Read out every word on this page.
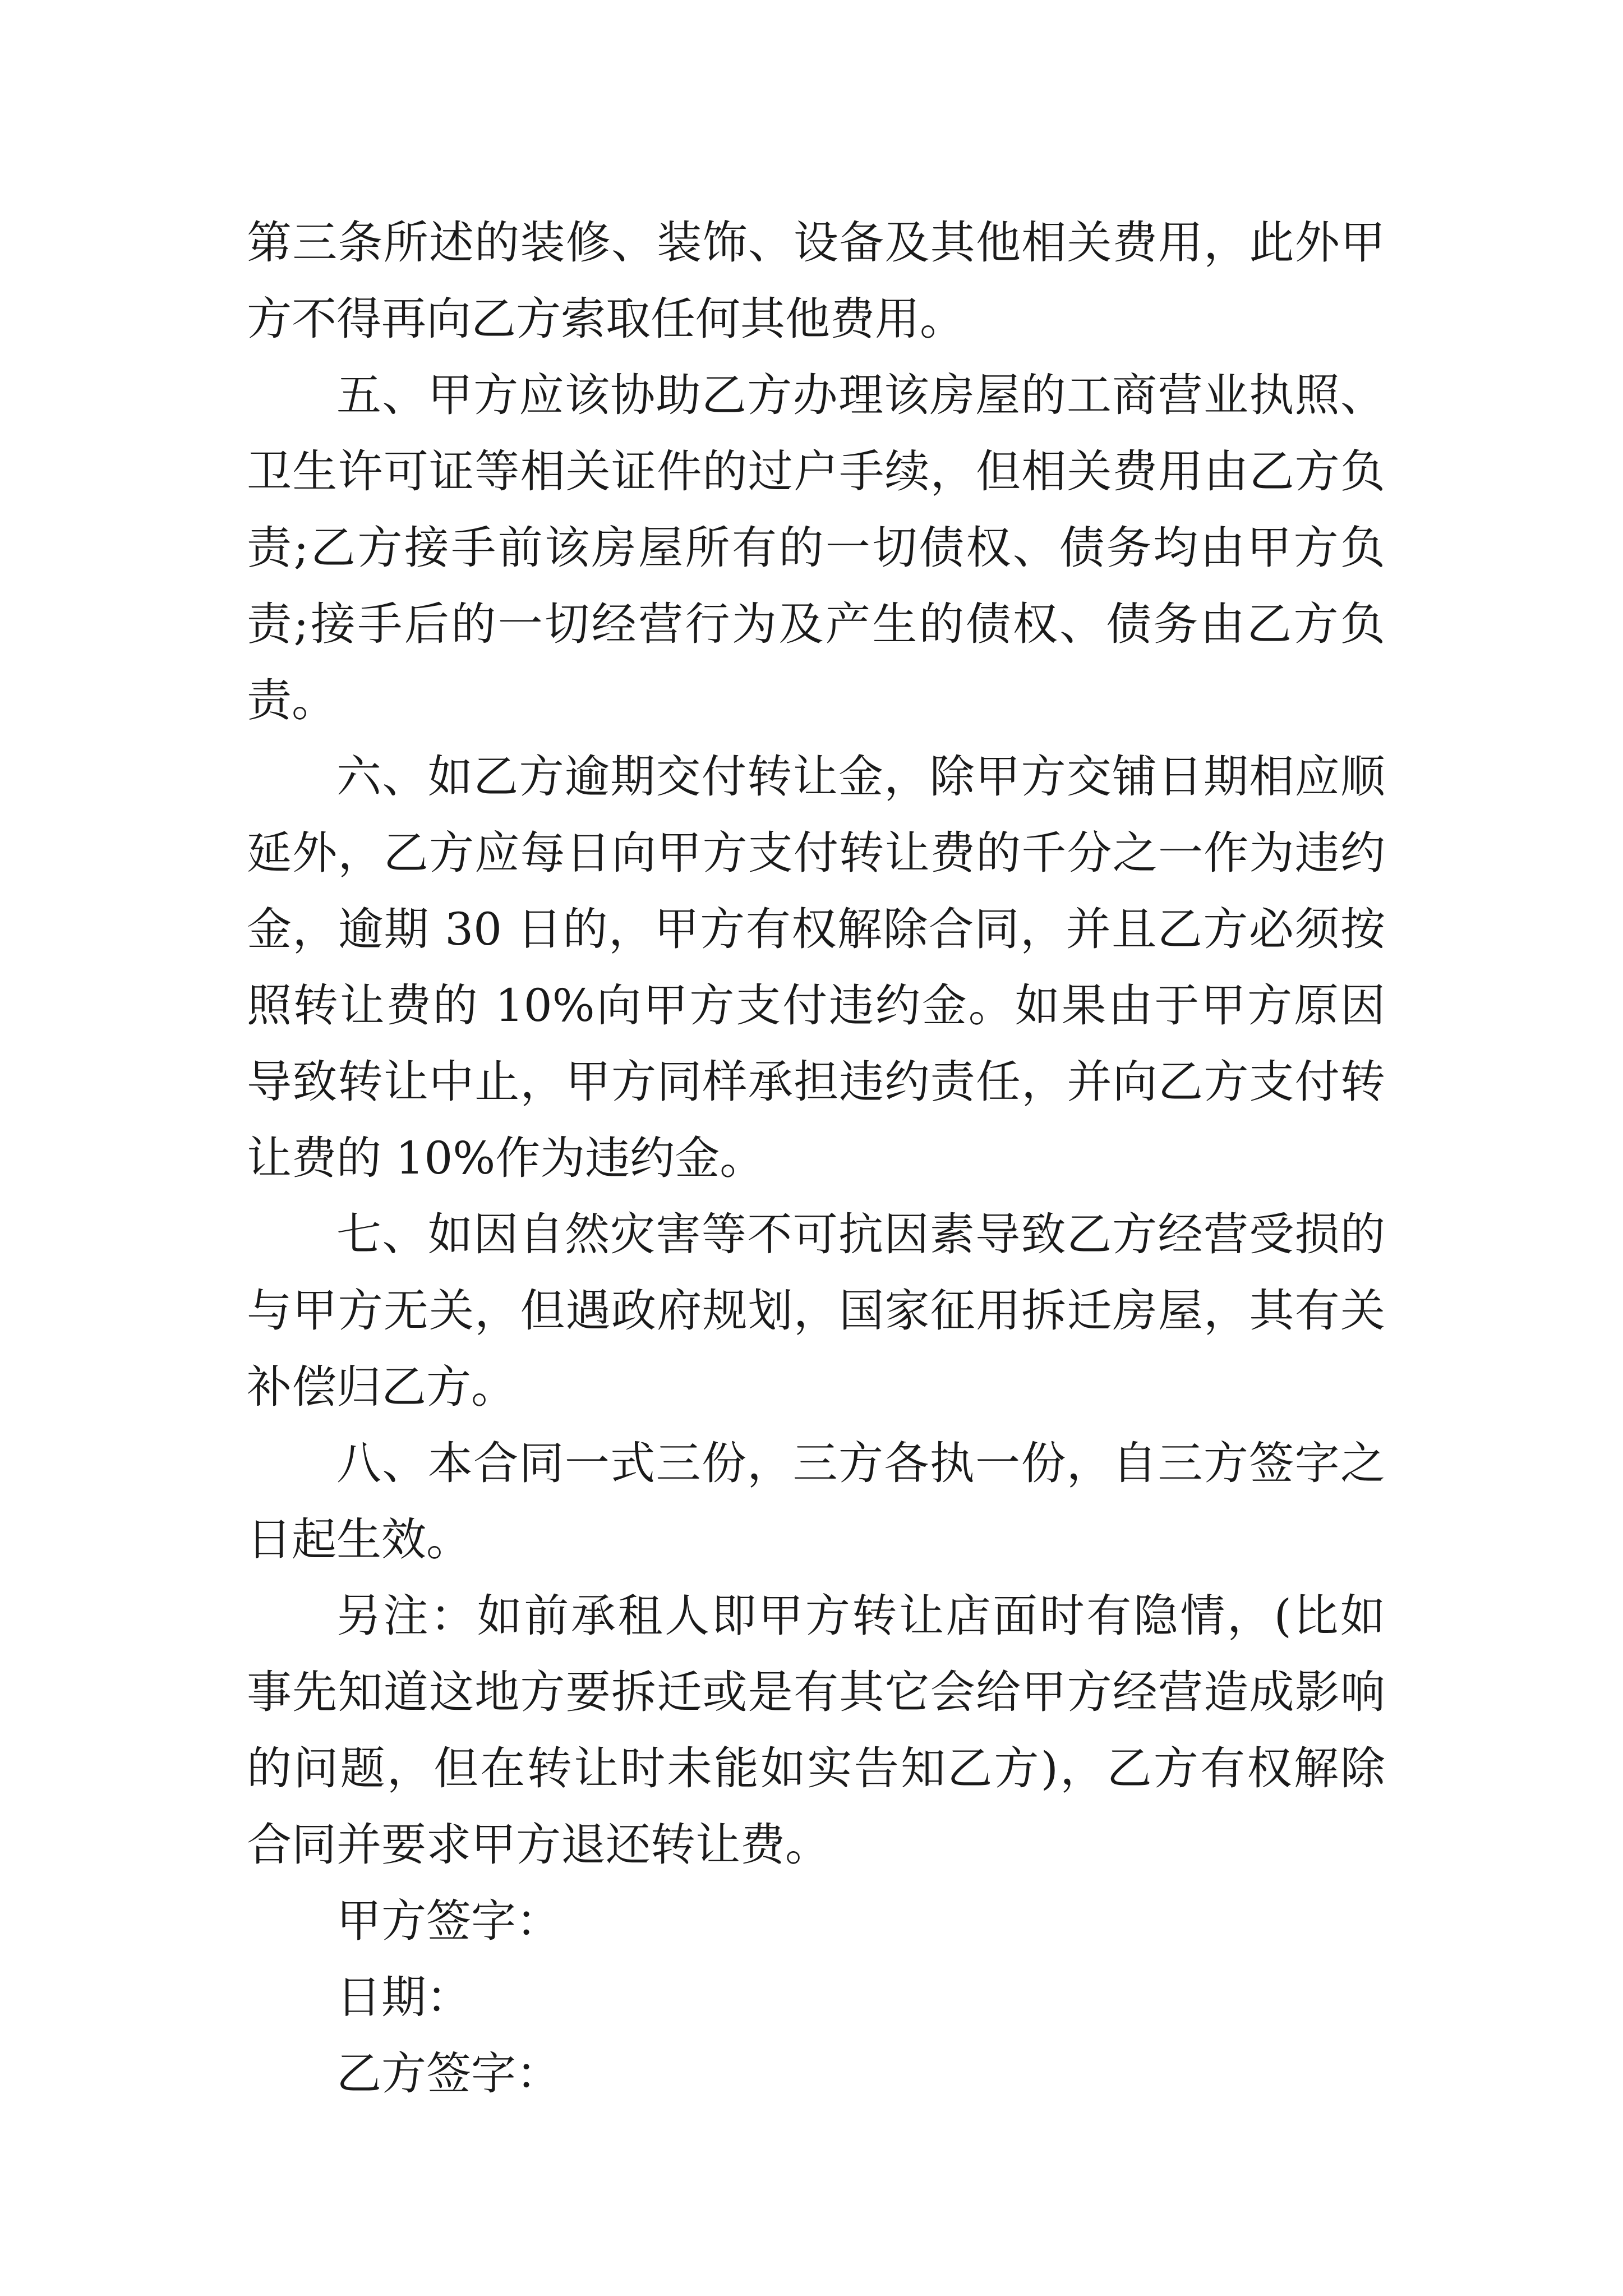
第三条所述的装修、装饰、设备及其他相关费用，此外甲方不得再向乙方索取任何其他费用。

五、甲方应该协助乙方办理该房屋的工商营业执照、卫生许可证等相关证件的过户手续，但相关费用由乙方负责;乙方接手前该房屋所有的一切债权、债务均由甲方负责;接手后的一切经营行为及产生的债权、债务由乙方负责。

六、如乙方逾期交付转让金，除甲方交铺日期相应顺延外，乙方应每日向甲方支付转让费的千分之一作为违约金，逾期 30 日的，甲方有权解除合同，并且乙方必须按照转让费的 10%向甲方支付违约金。如果由于甲方原因导致转让中止，甲方同样承担违约责任，并向乙方支付转让费的 10%作为违约金。

七、如因自然灾害等不可抗因素导致乙方经营受损的与甲方无关，但遇政府规划，国家征用拆迁房屋，其有关补偿归乙方。

八、本合同一式三份，三方各执一份，自三方签字之日起生效。

另注：如前承租人即甲方转让店面时有隐情，(比如事先知道这地方要拆迁或是有其它会给甲方经营造成影响的问题，但在转让时未能如实告知乙方)，乙方有权解除合同并要求甲方退还转让费。

甲方签字：

日期：

乙方签字：
